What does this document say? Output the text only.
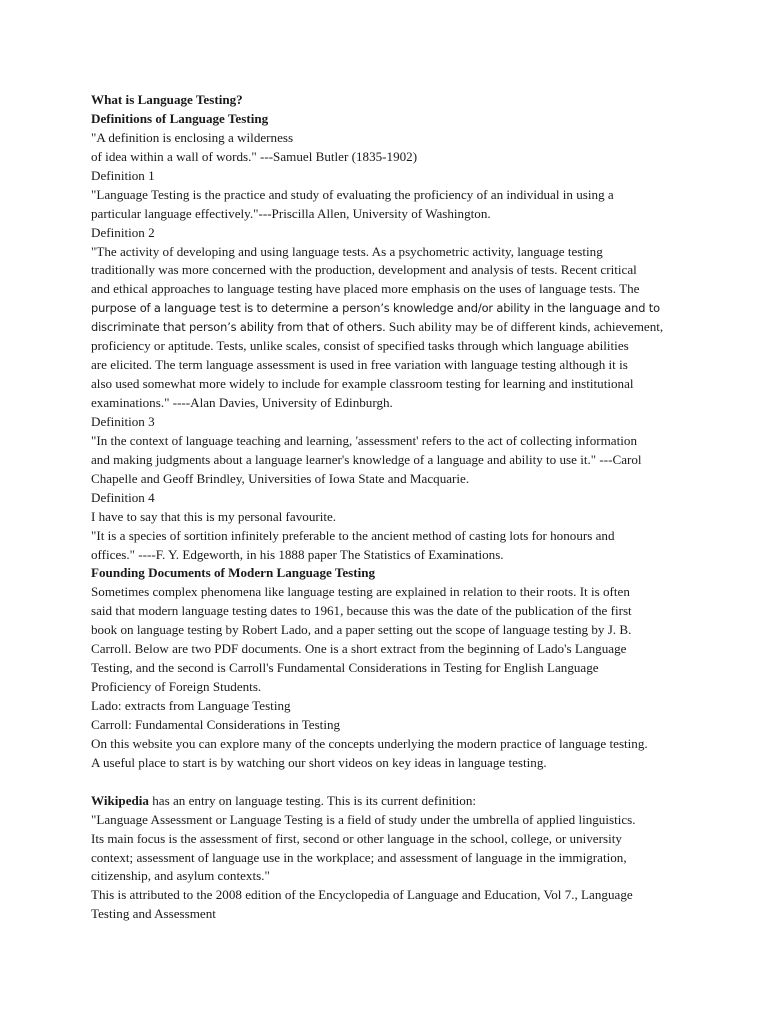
What is Language Testing?
Definitions of Language Testing
"A definition is enclosing a wilderness
of idea within a wall of words." ---Samuel Butler (1835-1902)
Definition 1
"Language Testing is the practice and study of evaluating the proficiency of an individual in using a
particular language effectively."---Priscilla Allen, University of Washington.
Definition 2
"The activity of developing and using language tests. As a psychometric activity, language testing
traditionally was more concerned with the production, development and analysis of tests. Recent critical
and ethical approaches to language testing have placed more emphasis on the uses of language tests. The
purpose of a language test is to determine a person’s knowledge and/or ability in the language and to
discriminate that person’s ability from that of others. Such ability may be of different kinds, achievement,
proficiency or aptitude. Tests, unlike scales, consist of specified tasks through which language abilities
are elicited. The term language assessment is used in free variation with language testing although it is
also used somewhat more widely to include for example classroom testing for learning and institutional
examinations." ----Alan Davies, University of Edinburgh.
Definition 3
"In the context of language teaching and learning, 'assessment' refers to the act of collecting information
and making judgments about a language learner's knowledge of a language and ability to use it." ---Carol
Chapelle and Geoff Brindley, Universities of Iowa State and Macquarie.
Definition 4
I have to say that this is my personal favourite.
"It is a species of sortition infinitely preferable to the ancient method of casting lots for honours and
offices." ----F. Y. Edgeworth, in his 1888 paper The Statistics of Examinations.
Founding Documents of Modern Language Testing
Sometimes complex phenomena like language testing are explained in relation to their roots. It is often
said that modern language testing dates to 1961, because this was the date of the publication of the first
book on language testing by Robert Lado, and a paper setting out the scope of language testing by J. B.
Carroll. Below are two PDF documents. One is a short extract from the beginning of Lado's Language
Testing, and the second is Carroll's Fundamental Considerations in Testing for English Language
Proficiency of Foreign Students.
Lado: extracts from Language Testing
Carroll: Fundamental Considerations in Testing
On this website you can explore many of the concepts underlying the modern practice of language testing.
A useful place to start is by watching our short videos on key ideas in language testing.
Wikipedia has an entry on language testing. This is its current definition:
"Language Assessment or Language Testing is a field of study under the umbrella of applied linguistics.
Its main focus is the assessment of first, second or other language in the school, college, or university
context; assessment of language use in the workplace; and assessment of language in the immigration,
citizenship, and asylum contexts."
This is attributed to the 2008 edition of the Encyclopedia of Language and Education, Vol 7., Language
Testing and Assessment
